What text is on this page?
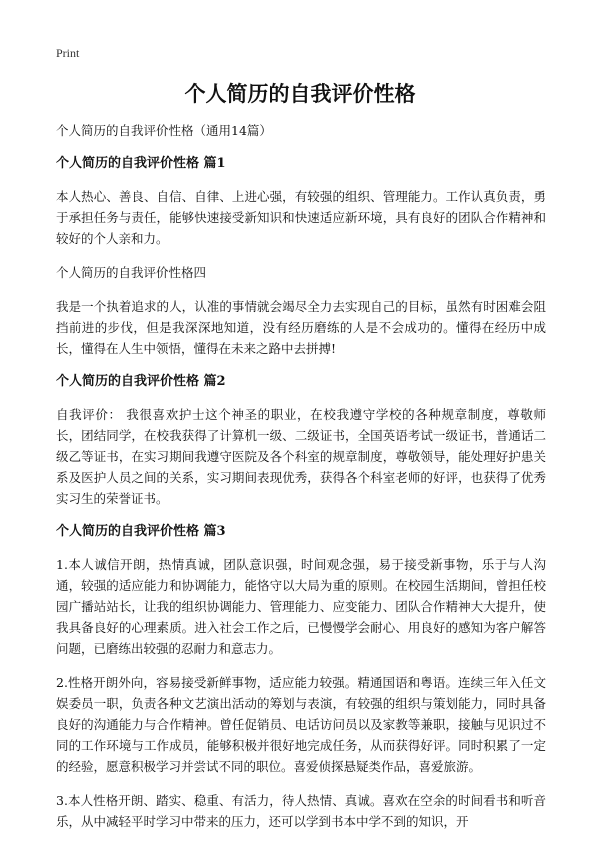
Print
个人简历的自我评价性格

个人简历的自我评价性格（通用14篇）

个人简历的自我评价性格 篇1

本人热心、善良、自信、自律、上进心强，有较强的组织、管理能力。工作认真负责，勇于承担任务与责任，能够快速接受新知识和快速适应新环境，具有良好的团队合作精神和较好的个人亲和力。

个人简历的自我评价性格四

我是一个执着追求的人，认准的事情就会竭尽全力去实现自己的目标，虽然有时困难会阻挡前进的步伐，但是我深深地知道，没有经历磨练的人是不会成功的。懂得在经历中成长，懂得在人生中领悟，懂得在未来之路中去拼搏!

个人简历的自我评价性格 篇2

自我评价： 我很喜欢护士这个神圣的职业，在校我遵守学校的各种规章制度，尊敬师长，团结同学，在校我获得了计算机一级、二级证书，全国英语考试一级证书，普通话二级乙等证书，在实习期间我遵守医院及各个科室的规章制度，尊敬领导，能处理好护患关系及医护人员之间的关系，实习期间表现优秀，获得各个科室老师的好评，也获得了优秀实习生的荣誉证书。

个人简历的自我评价性格 篇3

1.本人诚信开朗，热情真诚，团队意识强，时间观念强，易于接受新事物，乐于与人沟通，较强的适应能力和协调能力，能恪守以大局为重的原则。在校园生活期间，曾担任校园广播站站长，让我的组织协调能力、管理能力、应变能力、团队合作精神大大提升，使我具备良好的心理素质。进入社会工作之后，已慢慢学会耐心、用良好的感知为客户解答问题，已磨练出较强的忍耐力和意志力。

2.性格开朗外向，容易接受新鲜事物，适应能力较强。精通国语和粤语。连续三年入任文娱委员一职，负责各种文艺演出活动的筹划与表演，有较强的组织与策划能力，同时具备良好的沟通能力与合作精神。曾任促销员、电话访问员以及家教等兼职，接触与见识过不同的工作环境与工作成员，能够积极并很好地完成任务，从而获得好评。同时积累了一定的经验，愿意积极学习并尝试不同的职位。喜爱侦探悬疑类作品，喜爱旅游。

3.本人性格开朗、踏实、稳重、有活力，待人热情、真诚。喜欢在空余的时间看书和听音乐，从中减轻平时学习中带来的压力，还可以学到书本中学不到的知识，开
